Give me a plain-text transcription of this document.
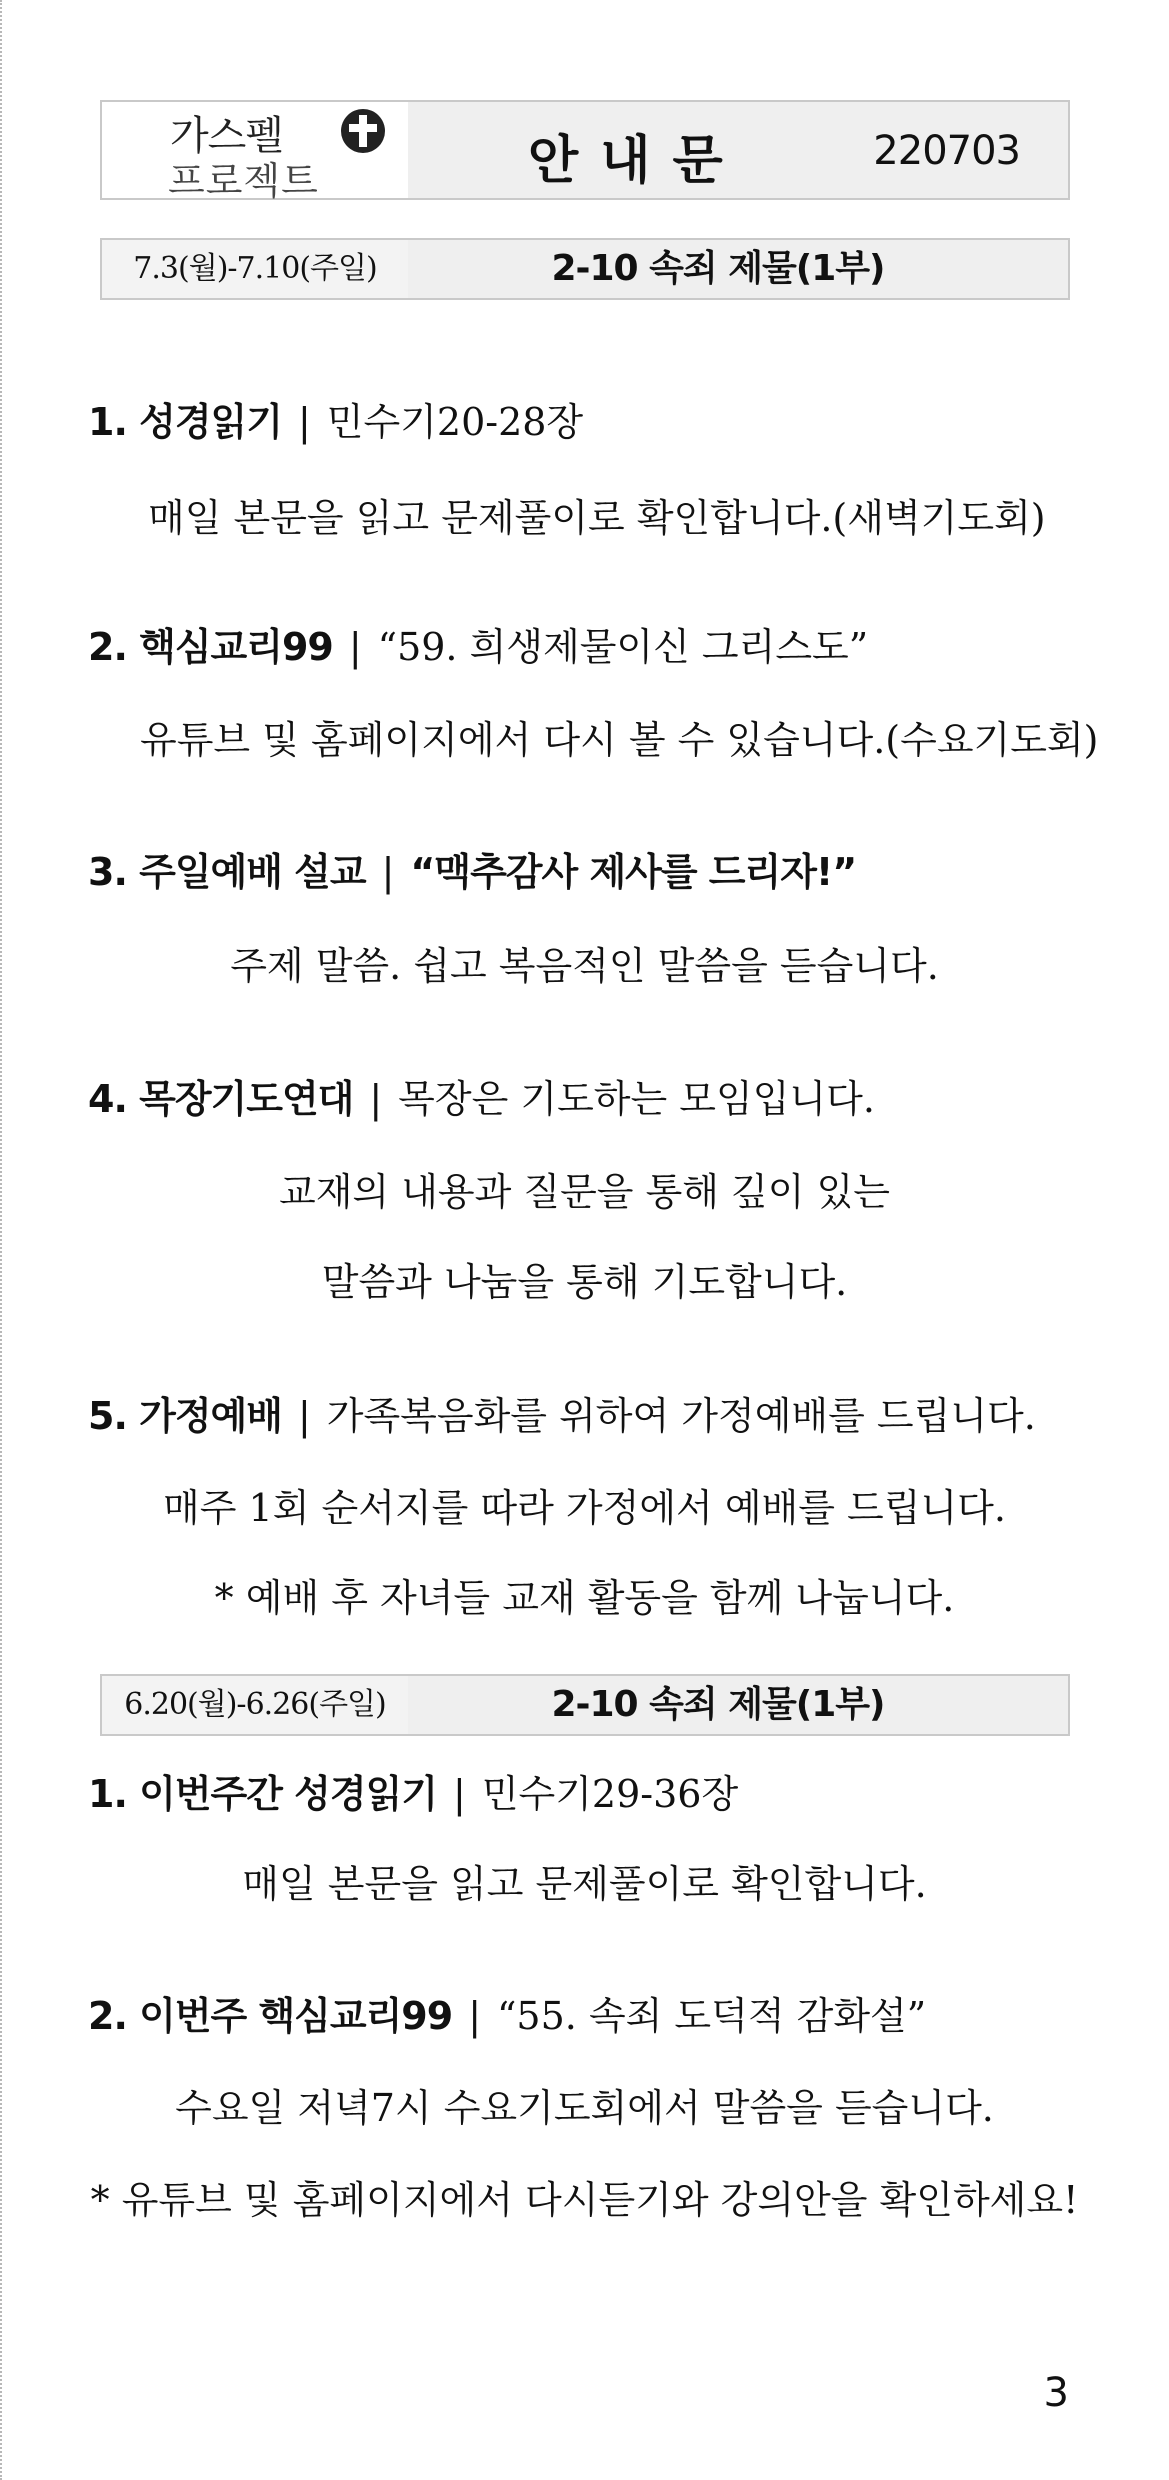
가스펠
프로젝트	안내문	220703
7.3(월)-7.10(주일)	2-10 속죄 제물(1부)
1. 성경읽기 | 민수기20-28장
매일 본문을 읽고 문제풀이로 확인합니다.(새벽기도회)
2. 핵심교리99 | “59. 희생제물이신 그리스도”
유튜브 및 홈페이지에서 다시 볼 수 있습니다.(수요기도회)
3. 주일예배 설교 | “맥추감사 제사를 드리자!”
주제 말씀. 쉽고 복음적인 말씀을 듣습니다.
4. 목장기도연대 | 목장은 기도하는 모임입니다.
교재의 내용과 질문을 통해 깊이 있는
말씀과 나눔을 통해 기도합니다.
5. 가정예배 | 가족복음화를 위하여 가정예배를 드립니다.
매주 1회 순서지를 따라 가정에서 예배를 드립니다.
* 예배 후 자녀들 교재 활동을 함께 나눕니다.
6.20(월)-6.26(주일)	2-10 속죄 제물(1부)
1. 이번주간 성경읽기 | 민수기29-36장
매일 본문을 읽고 문제풀이로 확인합니다.
2. 이번주 핵심교리99 | “55. 속죄 도덕적 감화설”
수요일 저녁7시 수요기도회에서 말씀을 듣습니다.
* 유튜브 및 홈페이지에서 다시듣기와 강의안을 확인하세요!
3
